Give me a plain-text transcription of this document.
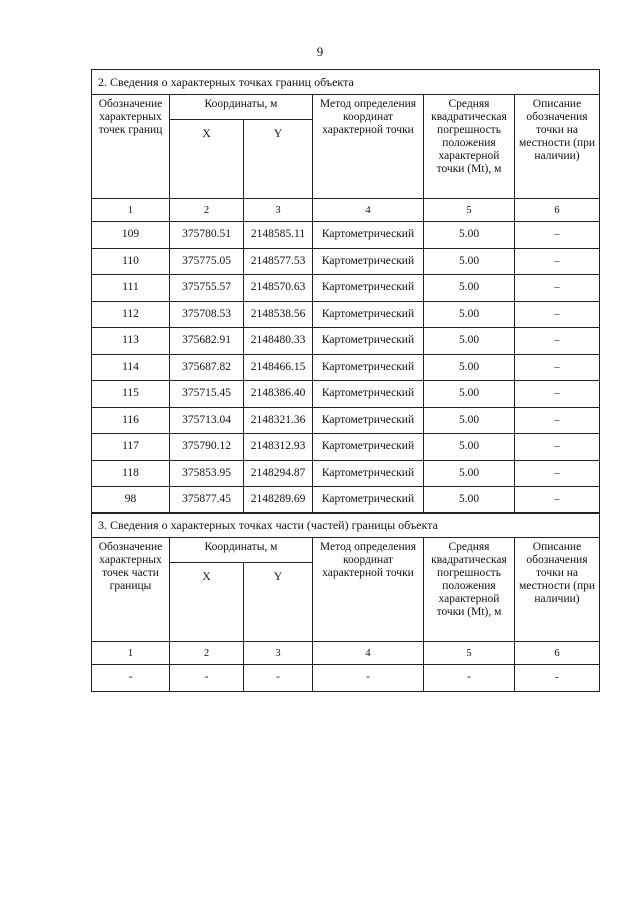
9
2. Сведения о характерных точках границ объекта					
Обозначение характерных точек границ	Координаты, м		Метод определения координат характерной точки	Средняя квадратическая погрешность положения характерной точки (Mt), м	Описание обозначения точки на местности (при наличии)
	X	Y			
1	2	3	4	5	6
109	375780.51	2148585.11	Картометрический	5.00	–
110	375775.05	2148577.53	Картометрический	5.00	–
111	375755.57	2148570.63	Картометрический	5.00	–
112	375708.53	2148538.56	Картометрический	5.00	–
113	375682.91	2148480.33	Картометрический	5.00	–
114	375687.82	2148466.15	Картометрический	5.00	–
115	375715.45	2148386.40	Картометрический	5.00	–
116	375713.04	2148321.36	Картометрический	5.00	–
117	375790.12	2148312.93	Картометрический	5.00	–
118	375853.95	2148294.87	Картометрический	5.00	–
98	375877.45	2148289.69	Картометрический	5.00	–
3. Сведения о характерных точках части (частей) границы объекта					
Обозначение характерных точек части границы	Координаты, м		Метод определения координат характерной точки	Средняя квадратическая погрешность положения характерной точки (Mt), м	Описание обозначения точки на местности (при наличии)
	X	Y			
1	2	3	4	5	6
-	-	-	-	-	-
